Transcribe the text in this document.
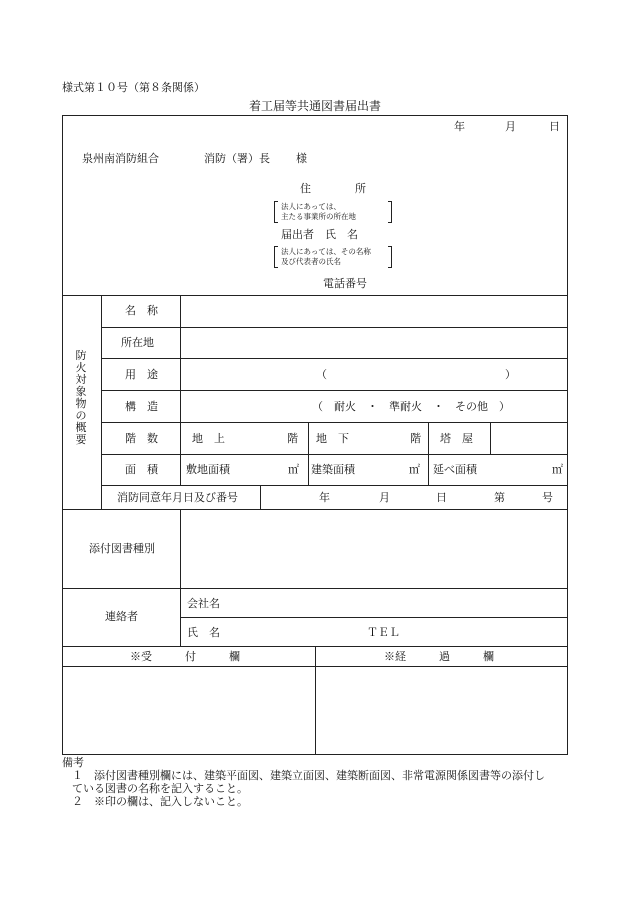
様式第１０号（第８条関係）
着工届等共通図書届出書
年	月	日
泉州南消防組合	消防（署）長 様
住　　　　所
法人にあっては、
主たる事業所の所在地
届出者　氏　名
法人にあっては、その名称
及び代表者の氏名
電話番号
防
火
対
象
物
の
概
要
名　称
所在地
用　途	（	）
構　造	（　耐火　・　準耐火　・　その他　）
階　数	地　上	階 地　下	階 塔　屋
面　積	敷地面積	㎡ 建築面積	㎡ 延べ面積	㎡
消防同意年月日及び番号	年	月	日	第	号
添付図書種別
連絡者
会社名
氏　名	ＴＥＬ
※受　　　付　　　欄	※経　　　過　　　欄
備考
１　添付図書種別欄には、建築平面図、建築立面図、建築断面図、非常電源関係図書等の添付し
ている図書の名称を記入すること。
２　※印の欄は、記入しないこと。
